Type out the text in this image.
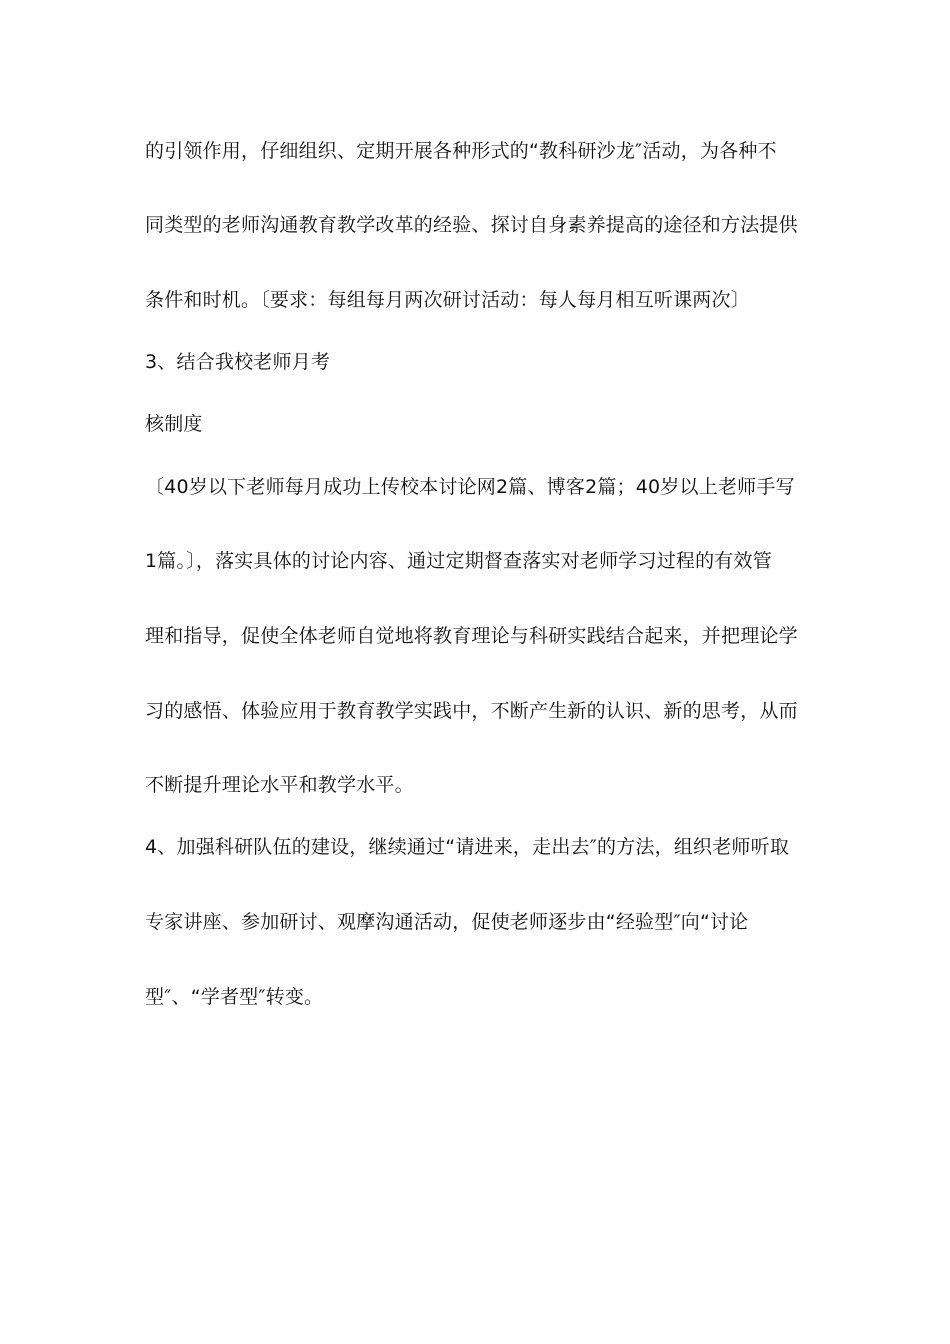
的引领作用，仔细组织、定期开展各种形式的“教科研沙龙″活动，为各种不
同类型的老师沟通教育教学改革的经验、探讨自身素养提高的途径和方法提供
条件和时机。〔要求：每组每月两次研讨活动：每人每月相互听课两次〕
3、结合我校老师月考
核制度
〔40岁以下老师每月成功上传校本讨论网2篇、博客2篇；40岁以上老师手写
1篇。〕，落实具体的讨论内容、通过定期督查落实对老师学习过程的有效管
理和指导，促使全体老师自觉地将教育理论与科研实践结合起来，并把理论学
习的感悟、体验应用于教育教学实践中，不断产生新的认识、新的思考，从而
不断提升理论水平和教学水平。
4、加强科研队伍的建设，继续通过“请进来，走出去″的方法，组织老师听取
专家讲座、参加研讨、观摩沟通活动，促使老师逐步由“经验型″向“讨论
型″、“学者型″转变。
